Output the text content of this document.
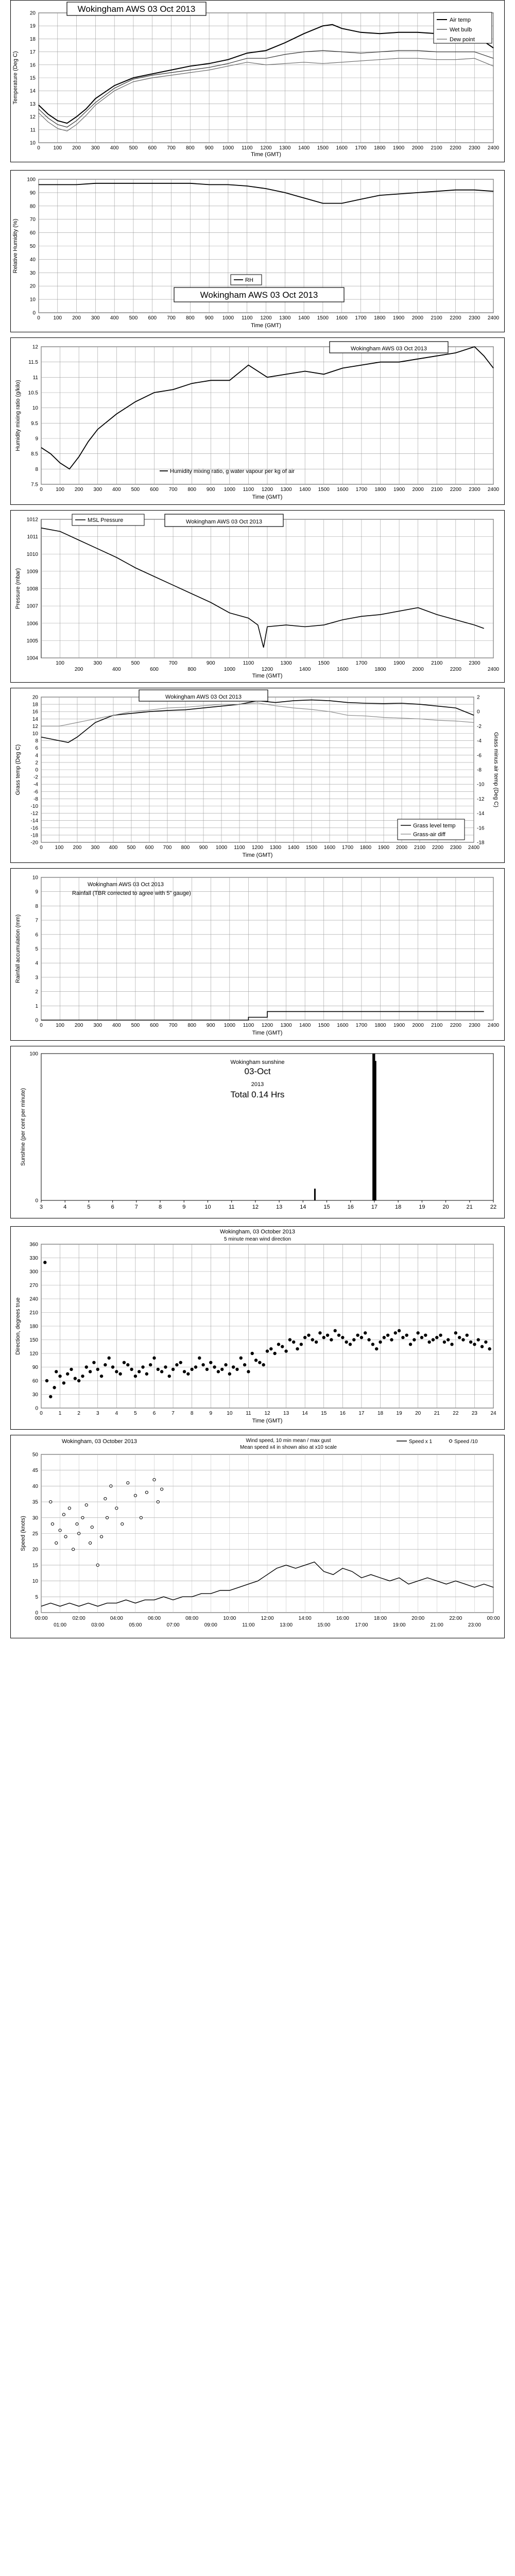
0	100 200 300 400 500 600 700 800 900 1000 1100 1200 1300 1400 1500 1600 1700 1800 1900 2000 2100 2200 2300 2400
10
11
12
13
14
15
16
17
18
19
20
Time (GMT)
Temperature (Deg C)
Wokingham AWS 03 Oct 2013
Air temp
Wet bulb
Dew point
0	100 200 300 400 500 600 700 800 900 1000 1100 1200 1300 1400 1500 1600 1700 1800 1900 2000 2100 2200 2300 2400
0
10
20
30
40
50
60
70
80
90
100
Time (GMT)
Relative Humidity (%)
RH
Wokingham AWS 03 Oct 2013
0	100 200 300 400 500 600 700 800 900 1000 1100 1200 1300 1400 1500 1600 1700 1800 1900 2000 2100 2200 2300 2400
7.5
8
8.5
9
9.5
10
10.5
11
11.5
12
Time (GMT)
Humidity mixing ratio (g/kilo)
Wokingham AWS 03 Oct 2013
Humidity mixing ratio, g water vapour per kg of air
100
200
300
400
500
600
700
800
900
1000
1100
1200
1300
1400
1500
1600
1700
1800
1900
2000
2100
2200
2300
2400
1004
1005
1006
1007
1008
1009
1010
1011
1012
Time (GMT)
Pressure (mbar)
MSL Pressure	Wokingham AWS 03 Oct 2013
0 100 200 300 400 500 600 700 800 900 1000 1100 1200 1300 1400 1500 1600 1700 1800 1900 2000 2100 2200 2300 2400
-20
-18
-16
-14
-12
-10
-8
-6
-4
-2
0
2
4
6
8
10
12
14
16
18
20
Time (GMT)
Grass temp (Deg C)
-18
-16
-14
-12
-10
-8
-6
-4
-2
0
2
Grass minus air temp (Deg C)
Wokingham AWS 03 Oct 2013
Grass level temp
Grass-air diff
0	100 200 300 400 500 600 700 800 900 1000 1100 1200 1300 1400 1500 1600 1700 1800 1900 2000 2100 2200 2300 2400
0
1
2
3
4
5
6
7
8
9
10
Time (GMT)
Rainfall accumulation (mm)
Wokingham AWS 03 Oct 2013
Rainfall (TBR corrected to agree with 5" gauge)
3	4	5	6	7	8	9	10	11	12	13	14	15	16	17	18	19	20	21	22
0
100
Sunshine (per cent per minute)
Wokingham sunshine
03-Oct
2013
Total 0.14 Hrs
0	1	2	3	4	5	6	7	8	9	10	11	12	13	14	15	16	17	18	19	20	21	22	23	24
0
30
60
90
120
150
180
210
240
270
300
330
360
Time (GMT)
Direction, degrees true
Wokingham, 03 October 2013
5 minute mean wind direction
0
5
10
15
20
25
30
35
40
45
50
00:00	02:00	04:00	06:00	08:00	10:00	12:00	14:00	16:00	18:00	20:00	22:00	00:00
01:00	03:00	05:00	07:00	09:00	11:00	13:00	15:00	17:00	19:00	21:00	23:00
Speed (knots)
Wokingham, 03 October 2013	Wind speed, 10 min mean / max gust
Mean speed x4 in shown also at x10 scale
Speed x 1	Speed /10
